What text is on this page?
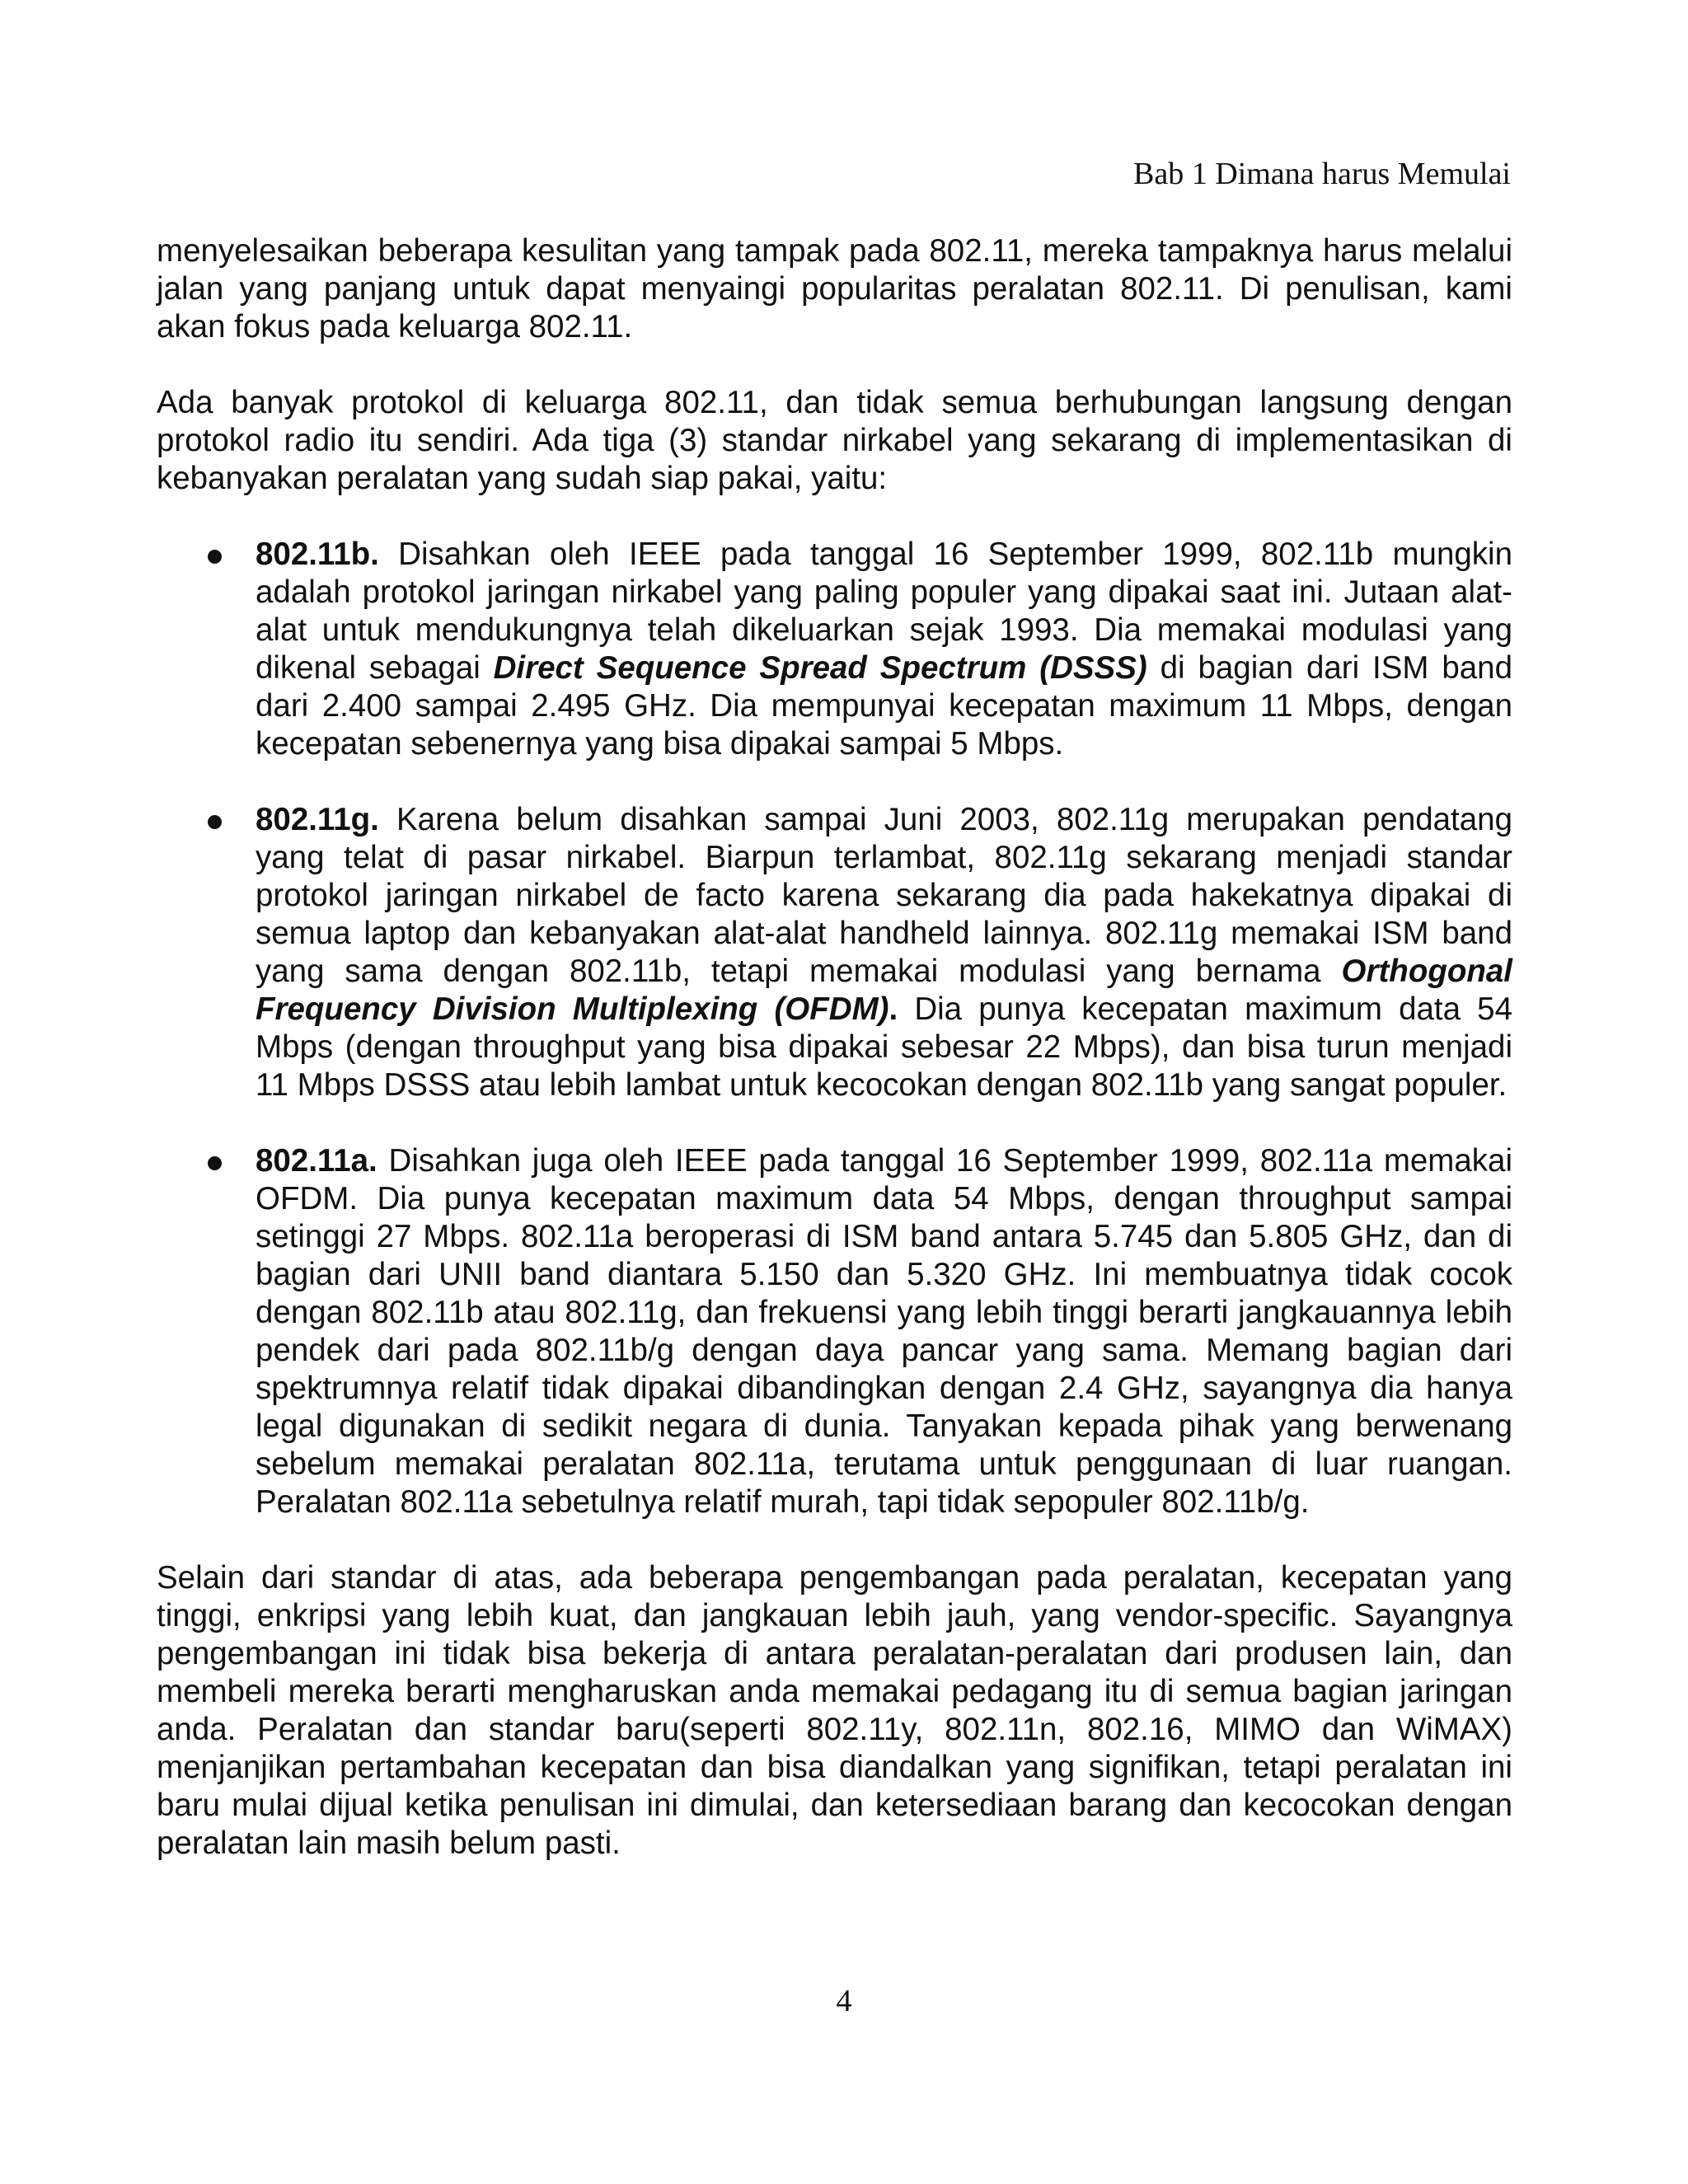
Bab 1 Dimana harus Memulai

menyelesaikan beberapa kesulitan yang tampak pada 802.11, mereka tampaknya harus melalui jalan yang panjang untuk dapat menyaingi popularitas peralatan 802.11. Di penulisan, kami akan fokus pada keluarga 802.11.

Ada banyak protokol di keluarga 802.11, dan tidak semua berhubungan langsung dengan protokol radio itu sendiri. Ada tiga (3) standar nirkabel yang sekarang di implementasikan di kebanyakan peralatan yang sudah siap pakai, yaitu:

802.11b. Disahkan oleh IEEE pada tanggal 16 September 1999, 802.11b mungkin adalah protokol jaringan nirkabel yang paling populer yang dipakai saat ini. Jutaan alat-alat untuk mendukungnya telah dikeluarkan sejak 1993. Dia memakai modulasi yang dikenal sebagai Direct Sequence Spread Spectrum (DSSS) di bagian dari ISM band dari 2.400 sampai 2.495 GHz. Dia mempunyai kecepatan maximum 11 Mbps, dengan kecepatan sebenernya yang bisa dipakai sampai 5 Mbps.
802.11g. Karena belum disahkan sampai Juni 2003, 802.11g merupakan pendatang yang telat di pasar nirkabel. Biarpun terlambat, 802.11g sekarang menjadi standar protokol jaringan nirkabel de facto karena sekarang dia pada hakekatnya dipakai di semua laptop dan kebanyakan alat-alat handheld lainnya. 802.11g memakai ISM band yang sama dengan 802.11b, tetapi memakai modulasi yang bernama Orthogonal Frequency Division Multiplexing (OFDM). Dia punya kecepatan maximum data 54 Mbps (dengan throughput yang bisa dipakai sebesar 22 Mbps), dan bisa turun menjadi 11 Mbps DSSS atau lebih lambat untuk kecocokan dengan 802.11b yang sangat populer.
802.11a. Disahkan juga oleh IEEE pada tanggal 16 September 1999, 802.11a memakai OFDM. Dia punya kecepatan maximum data 54 Mbps, dengan throughput sampai setinggi 27 Mbps. 802.11a beroperasi di ISM band antara 5.745 dan 5.805 GHz, dan di bagian dari UNII band diantara 5.150 dan 5.320 GHz. Ini membuatnya tidak cocok dengan 802.11b atau 802.11g, dan frekuensi yang lebih tinggi berarti jangkauannya lebih pendek dari pada 802.11b/g dengan daya pancar yang sama. Memang bagian dari spektrumnya relatif tidak dipakai dibandingkan dengan 2.4 GHz, sayangnya dia hanya legal digunakan di sedikit negara di dunia. Tanyakan kepada pihak yang berwenang sebelum memakai peralatan 802.11a, terutama untuk penggunaan di luar ruangan. Peralatan 802.11a sebetulnya relatif murah, tapi tidak sepopuler 802.11b/g.

Selain dari standar di atas, ada beberapa pengembangan pada peralatan, kecepatan yang tinggi, enkripsi yang lebih kuat, dan jangkauan lebih jauh, yang vendor-specific. Sayangnya pengembangan ini tidak bisa bekerja di antara peralatan-peralatan dari produsen lain, dan membeli mereka berarti mengharuskan anda memakai pedagang itu di semua bagian jaringan anda. Peralatan dan standar baru(seperti 802.11y, 802.11n, 802.16, MIMO dan WiMAX) menjanjikan pertambahan kecepatan dan bisa diandalkan yang signifikan, tetapi peralatan ini baru mulai dijual ketika penulisan ini dimulai, dan ketersediaan barang dan kecocokan dengan peralatan lain masih belum pasti.

4
